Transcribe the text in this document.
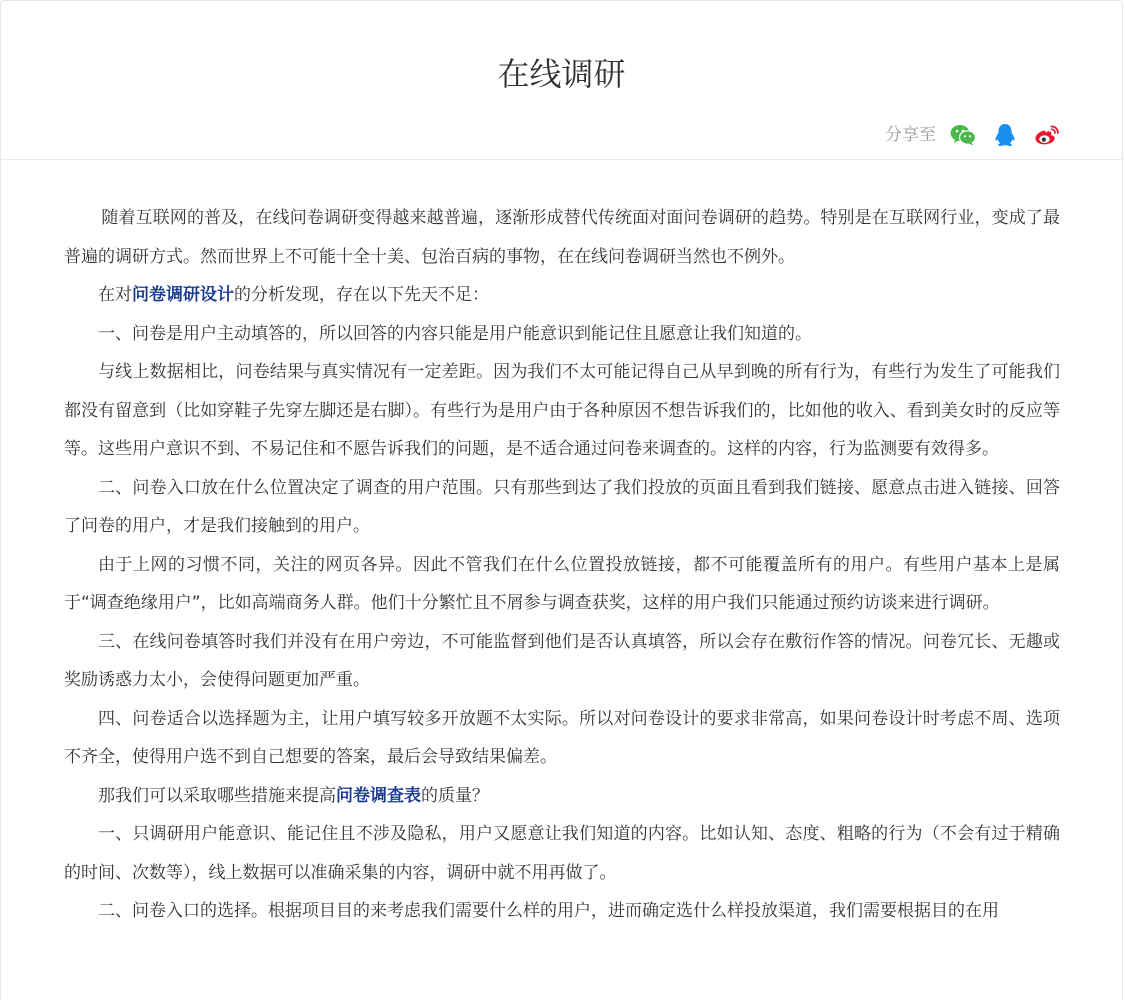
在线调研
分享至

随着互联网的普及，在线问卷调研变得越来越普遍，逐渐形成替代传统面对面问卷调研的趋势。特别是在互联网行业，变成了最普遍的调研方式。然而世界上不可能十全十美、包治百病的事物，在在线问卷调研当然也不例外。

在对问卷调研设计的分析发现，存在以下先天不足：

一、问卷是用户主动填答的，所以回答的内容只能是用户能意识到能记住且愿意让我们知道的。

与线上数据相比，问卷结果与真实情况有一定差距。因为我们不太可能记得自己从早到晚的所有行为，有些行为发生了可能我们都没有留意到（比如穿鞋子先穿左脚还是右脚）。有些行为是用户由于各种原因不想告诉我们的，比如他的收入、看到美女时的反应等等。这些用户意识不到、不易记住和不愿告诉我们的问题，是不适合通过问卷来调查的。这样的内容，行为监测要有效得多。

二、问卷入口放在什么位置决定了调查的用户范围。只有那些到达了我们投放的页面且看到我们链接、愿意点击进入链接、回答了问卷的用户，才是我们接触到的用户。

由于上网的习惯不同，关注的网页各异。因此不管我们在什么位置投放链接，都不可能覆盖所有的用户。有些用户基本上是属于“调查绝缘用户”，比如高端商务人群。他们十分繁忙且不屑参与调查获奖，这样的用户我们只能通过预约访谈来进行调研。

三、在线问卷填答时我们并没有在用户旁边，不可能监督到他们是否认真填答，所以会存在敷衍作答的情况。问卷冗长、无趣或奖励诱惑力太小，会使得问题更加严重。

四、问卷适合以选择题为主，让用户填写较多开放题不太实际。所以对问卷设计的要求非常高，如果问卷设计时考虑不周、选项不齐全，使得用户选不到自己想要的答案，最后会导致结果偏差。

那我们可以采取哪些措施来提高问卷调查表的质量？

一、只调研用户能意识、能记住且不涉及隐私，用户又愿意让我们知道的内容。比如认知、态度、粗略的行为（不会有过于精确的时间、次数等），线上数据可以准确采集的内容，调研中就不用再做了。

二、问卷入口的选择。根据项目目的来考虑我们需要什么样的用户，进而确定选什么样投放渠道，我们需要根据目的在用
